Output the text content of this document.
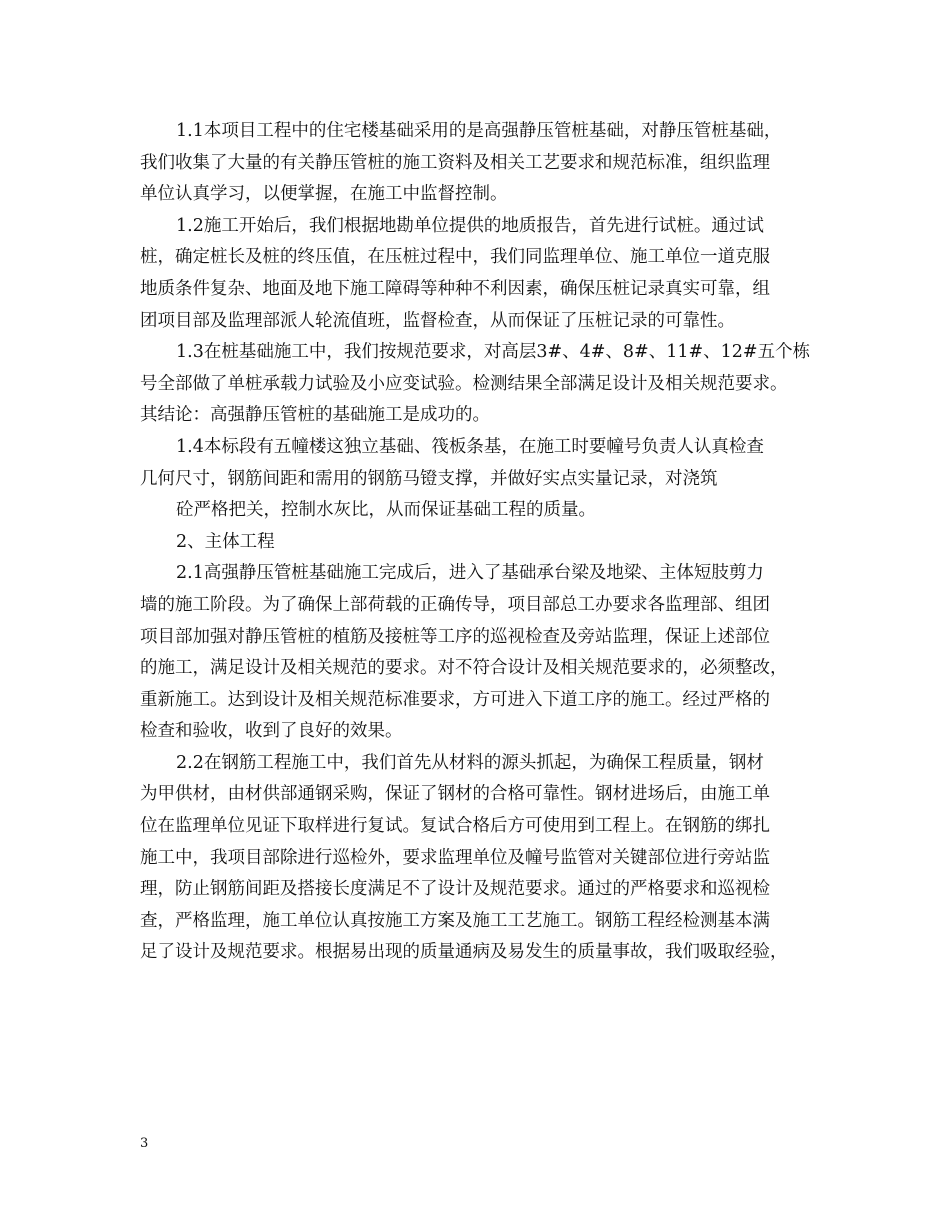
1.1本项目工程中的住宅楼基础采用的是高强静压管桩基础，对静压管桩基础，
我们收集了大量的有关静压管桩的施工资料及相关工艺要求和规范标准，组织监理
单位认真学习，以便掌握，在施工中监督控制。
1.2施工开始后，我们根据地勘单位提供的地质报告，首先进行试桩。通过试
桩，确定桩长及桩的终压值，在压桩过程中，我们同监理单位、施工单位一道克服
地质条件复杂、地面及地下施工障碍等种种不利因素，确保压桩记录真实可靠，组
团项目部及监理部派人轮流值班，监督检查，从而保证了压桩记录的可靠性。
1.3在桩基础施工中，我们按规范要求，对高层3#、4#、8#、11#、12#五个栋
号全部做了单桩承载力试验及小应变试验。检测结果全部满足设计及相关规范要求。
其结论：高强静压管桩的基础施工是成功的。
1.4本标段有五幢楼这独立基础、筏板条基，在施工时要幢号负责人认真检查
几何尺寸，钢筋间距和需用的钢筋马镫支撑，并做好实点实量记录，对浇筑
砼严格把关，控制水灰比，从而保证基础工程的质量。
2、主体工程
2.1高强静压管桩基础施工完成后，进入了基础承台梁及地梁、主体短肢剪力
墙的施工阶段。为了确保上部荷载的正确传导，项目部总工办要求各监理部、组团
项目部加强对静压管桩的植筋及接桩等工序的巡视检查及旁站监理，保证上述部位
的施工，满足设计及相关规范的要求。对不符合设计及相关规范要求的，必须整改，
重新施工。达到设计及相关规范标准要求，方可进入下道工序的施工。经过严格的
检查和验收，收到了良好的效果。
2.2在钢筋工程施工中，我们首先从材料的源头抓起，为确保工程质量，钢材
为甲供材，由材供部通钢采购，保证了钢材的合格可靠性。钢材进场后，由施工单
位在监理单位见证下取样进行复试。复试合格后方可使用到工程上。在钢筋的绑扎
施工中，我项目部除进行巡检外，要求监理单位及幢号监管对关键部位进行旁站监
理，防止钢筋间距及搭接长度满足不了设计及规范要求。通过的严格要求和巡视检
查，严格监理，施工单位认真按施工方案及施工工艺施工。钢筋工程经检测基本满
足了设计及规范要求。根据易出现的质量通病及易发生的质量事故，我们吸取经验，
3
